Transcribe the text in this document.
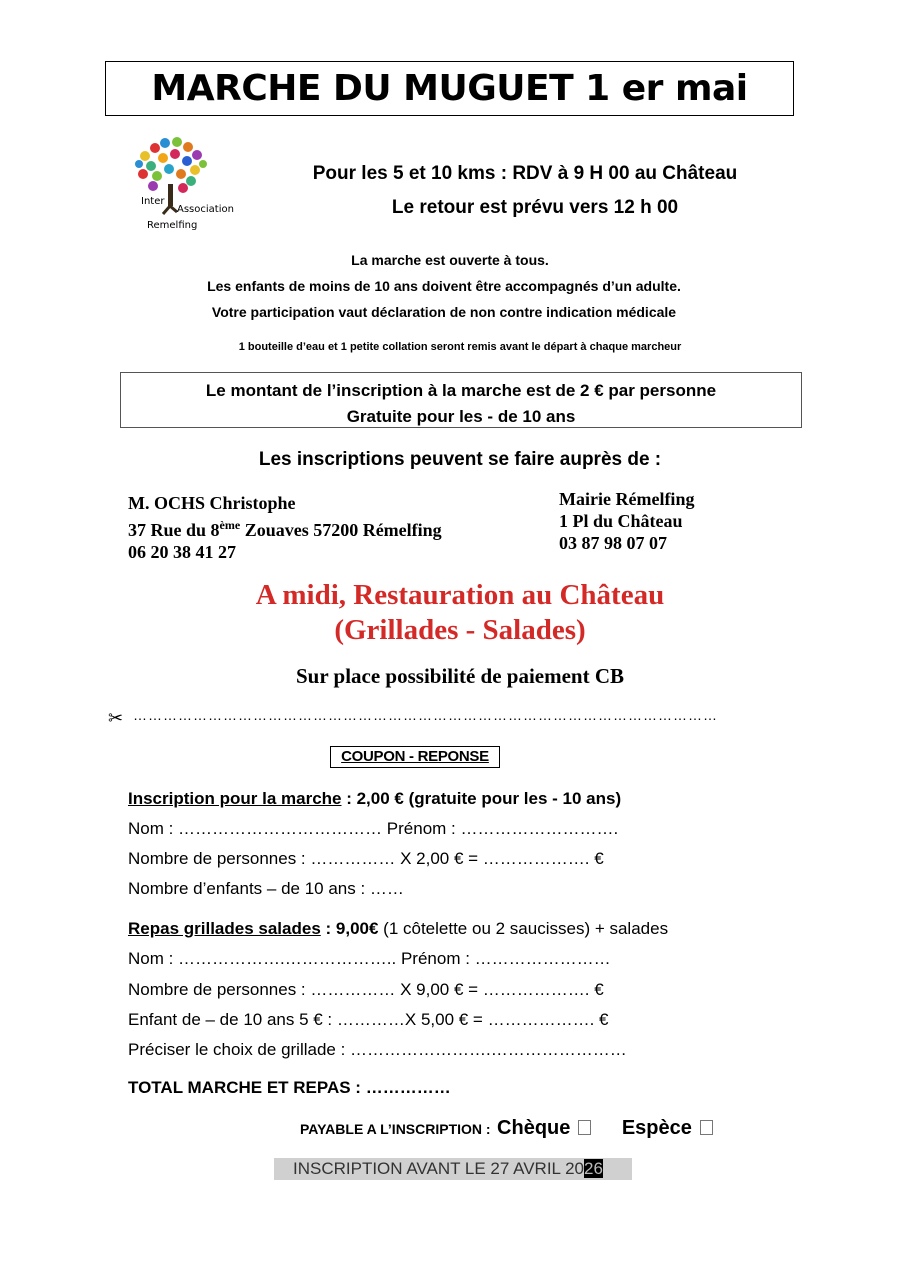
MARCHE DU MUGUET 1 er mai
Inter
Association
Remelfing
Pour les 5 et 10 kms : RDV à 9 H 00 au Château
Le retour est prévu vers 12 h 00
La marche est ouverte à tous.
Les enfants de moins de 10 ans doivent être accompagnés d’un adulte.
Votre participation vaut déclaration de non contre indication médicale
1 bouteille d’eau et 1 petite collation seront remis avant le départ à chaque marcheur
Le montant de l’inscription à la marche est de 2 € par personne
Gratuite pour les - de 10 ans
Les inscriptions peuvent se faire auprès de :
M. OCHS Christophe
37 Rue du 8ème Zouaves 57200 Rémelfing
06 20 38 41 27
Mairie Rémelfing
1 Pl du Château
03 87 98 07 07
A midi, Restauration au Château
(Grillades - Salades)
Sur place possibilité de paiement CB
✂ ………………………………………………………………………………………………………
COUPON - REPONSE
Inscription pour la marche : 2,00 € (gratuite pour les - 10 ans)
Nom : ……………………………… Prénom : ……………………….
Nombre de personnes : …………… X 2,00 € = ………………. €
Nombre d’enfants – de 10 ans : ……
Repas grillades salades : 9,00€ (1 côtelette ou 2 saucisses) + salades
Nom : ……………….……………….. Prénom : ……………………
Nombre de personnes : …………… X 9,00 € = ………………. €
Enfant de – de 10 ans 5 € : …………X 5,00 € = ………………. €
Préciser le choix de grillade : …………………….……………………
TOTAL MARCHE ET REPAS : ……………
PAYABLE A L’INSCRIPTION : Chèque	Espèce
INSCRIPTION AVANT LE 27 AVRIL 2026
